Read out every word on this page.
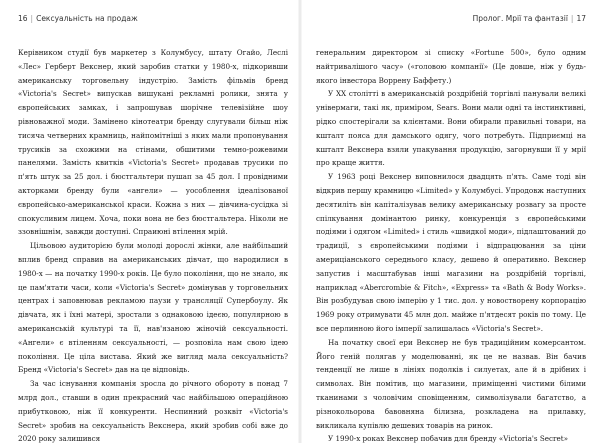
16 | Сексуальність на продаж

Керівником студії був маркетер з Колумбусу, штату Огайо, Леслі «Лес» Герберт Векснер, який заробив статки у 1980-х, підкоривши американську торговельну індустрію. Замість фільмів бренд «Victoria's Secret» випускав вишукані рекламні ролики, знята у європейських замках, і запрошував шорічне телевізійне шоу рівноважної моди. Замінено кінотеатри бренду слугували більш ніж тисяча четверних крамниць, найпомітніші з яких мали пропонування трусиків за схожими на стінами, обшитими темно-рожевими панелями. Замість квитків «Victoria's Secret» продавав трусики по п'ять штук за 25 дол. і бюстгальтери пушап за 45 дол. І провідними акторками бренду були «ангели» — уособлення ідеалізованої європейсько-американської краси. Кожна з них — дівчина-сусідка зі спокусливим лицем. Хоча, поки вона не без бюстгальтера. Ніколи не ззовнішнім, завжди доступні. Спраиюні втілення мрій.

Цільовою аудиторією були молоді дорослі жінки, але найбільший вплив бренд справив на американських дівчат, що народилися в 1980-х — на початку 1990-х років. Це було покоління, що не знало, як це пам'ятати часи, коли «Victoria's Secret» домінував у торговельних центрах і заповнював рекламою паузи у трансляції Супербоулу. Як дівчата, як і їхні матері, зростали з однаковою ідеєю, популярною в американській культурі та її, нав'язаною жіночій сексуальності. «Ангели» є втіленням сексуальності, — розповіла нам свою ідею покоління. Це ціла вистава. Який же вигляд мала сексуальність? Бренд «Victoria's Secret» дав на це відповідь.

За час існування компанія зросла до річного обороту в понад 7 млрд дол., ставши в один прекрасний час найбільшою операційною прибутковою, ніж її конкуренти. Неспинний розквіт «Victoria's Secret» зробив на сексуальність Векснера, який зробив собі вже до 2020 року залишився

Пролог. Мрії та фантазії | 17

генеральним директором зі списку «Fortune 500», було одним найтривалішого часу» («головою компанії» (Це довше, ніж у будь-якого інвестора Воррену Баффету.)

У XX столітті в американській роздрібній торгівлі панували великі універмаги, такі як, приміром, Sears. Вони мали одні та інстинктивні, рідко спостерігали за клієнтами. Вони обирали правильні товари, на кшталт пояса для дамського одягу, чого потребуть. Підприємці на кшталт Векснера взяли упакування продукцію, загорнувши її у мрії про краще життя.

У 1963 році Векснер виповнилося двадцять п'ять. Саме тоді він відкрив першу крамницю «Limited» у Колумбусі. Упродовж наступних десятиліть він капіталізував велику американську розвагу за просте спілкування домінантою ринку, конкуренція з європейськими подіями і одягом «Limited» і стиль «швидкої моди», підлаштований до традиції, з європейськими подіями і відпрацювання за ціни америціанського середнього класу, дешево й оперативно. Векснер запустив і масштабував інші магазини на роздрібній торгівлі, наприклад «Abercrombie & Fitch», «Express» та «Bath & Body Works». Він розбудував свою імперію у 1 тис. дол. у новостворену корпорацію 1969 року отримувати 45 млн дол. майже п'ятдесят років по тому. Це все перлинною його імперії залишалась «Victoria's Secret».

На початку своєї ери Векснер не був традиційним комерсантом. Його геній полягав у моделюванні, як це не назвав. Він бачив тенденції не лише в лініях подолків і силуетах, але й в дрібних і символах. Він помітив, що магазини, приміщенні чистими білими тканинами з чоловічим сповіщенням, символізували багатство, а різнокольорова бавовняна білизна, розкладена на прилавку, викликала купівлю дешевих товарів на ринок.

У 1990-х роках Векснер побачив для бренду «Victoria's Secret»
